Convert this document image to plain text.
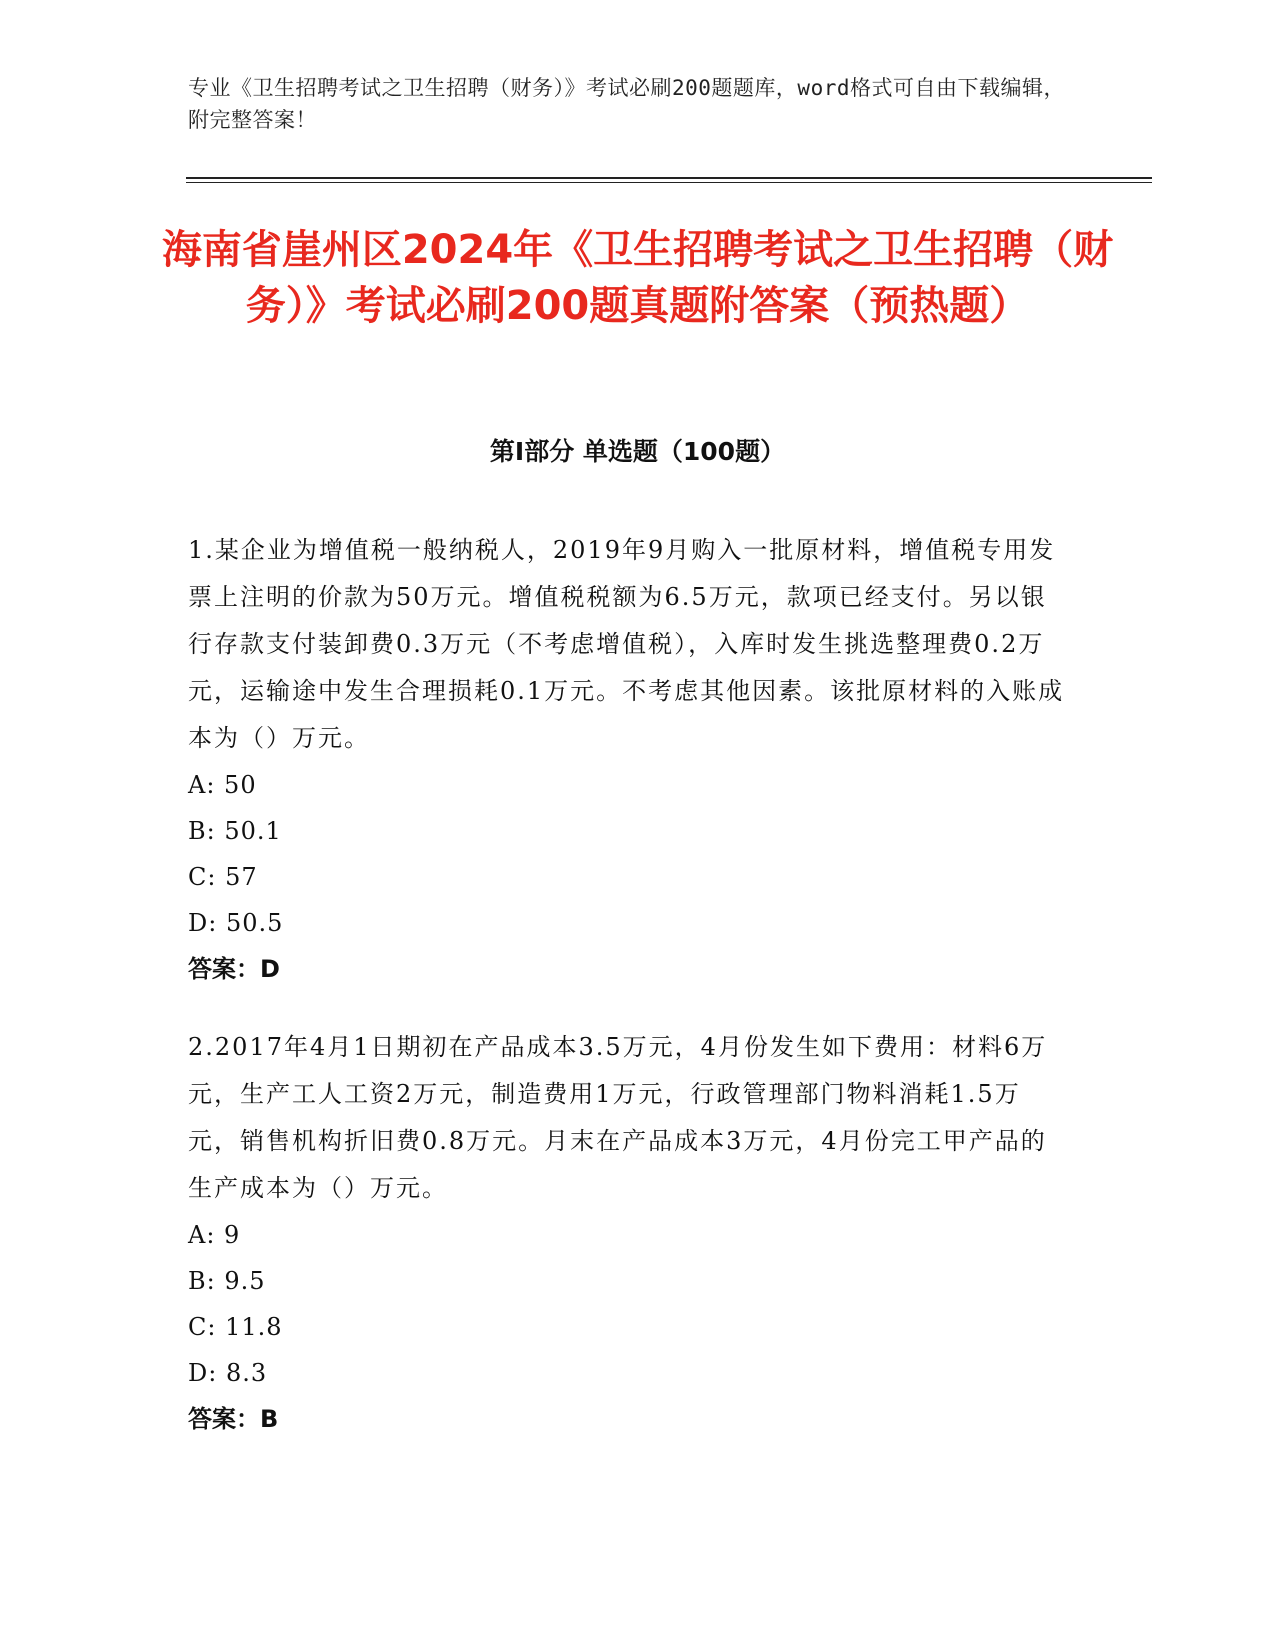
专业《卫生招聘考试之卫生招聘（财务）》考试必刷200题题库，word格式可自由下载编辑，附完整答案！
海南省崖州区2024年《卫生招聘考试之卫生招聘（财务）》考试必刷200题真题附答案（预热题）
第I部分 单选题（100题）

1.某企业为增值税一般纳税人，2019年9月购入一批原材料，增值税专用发票上注明的价款为50万元。增值税税额为6.5万元，款项已经支付。另以银行存款支付装卸费0.3万元（不考虑增值税），入库时发生挑选整理费0.2万元，运输途中发生合理损耗0.1万元。不考虑其他因素。该批原材料的入账成本为（）万元。

A: 50

B: 50.1

C: 57

D: 50.5

答案：D

2.2017年4月1日期初在产品成本3.5万元，4月份发生如下费用：材料6万元，生产工人工资2万元，制造费用1万元，行政管理部门物料消耗1.5万元，销售机构折旧费0.8万元。月末在产品成本3万元，4月份完工甲产品的生产成本为（）万元。

A: 9

B: 9.5

C: 11.8

D: 8.3

答案：B
